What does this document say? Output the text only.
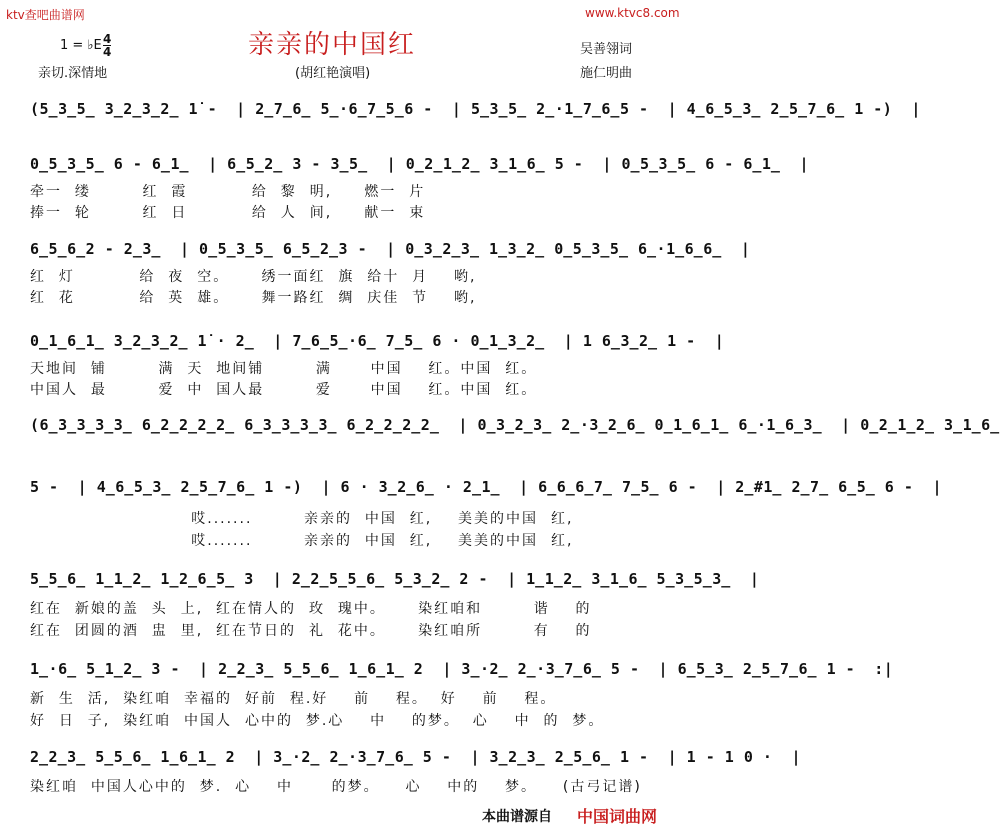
ktv查吧曲谱网	www.ktvc8.com
1 = ♭E $\frac{4}{4}$
亲切.深情地
亲亲的中国红
(胡红艳演唱)
吴善翎词
施仁明曲
(5̲3̲5̲ 3̲2̲3̲2̲ 1̇ -  | 2̲7̲6̲ 5̲·6̲7̲5̲6 -  | 5̲3̲5̲ 2̲·1̲7̲6̲5 -  | 4̲6̲5̲3̲ 2̲5̲7̲6̲ 1 -)  |
0̲5̲3̲5̲ 6 - 6̲1̲  | 6̲5̲2̲ 3 - 3̲5̲  | 0̲2̲1̲2̲ 3̲1̲6̲ 5 -  | 0̲5̲3̲5̲ 6 - 6̲1̲  |
牵一  缕        红  霞          给  黎  明,     燃一  片
捧一  轮        红  日          给  人  间,     献一  束
6̲5̲6̲2 - 2̲3̲  | 0̲5̲3̲5̲ 6̲5̲2̲3 -  | 0̲3̲2̲3̲ 1̲3̲2̲ 0̲5̲3̲5̲ 6̲·1̲6̲6̲  |
红  灯          给  夜  空。     绣一面红  旗  给十  月    哟,
红  花          给  英  雄。     舞一路红  绸  庆佳  节    哟,
0̲1̲6̲1̲ 3̲2̲3̲2̲ 1̇ · 2̲  | 7̲6̲5̲·6̲ 7̲5̲ 6 · 0̲1̲3̲2̲  | 1 6̲3̲2̲ 1 -  |
天地间  铺        满  天  地间铺        满      中国    红。中国  红。
中国人  最        爱  中  国人最        爱      中国    红。中国  红。
(6̲3̲3̲3̲3̲ 6̲2̲2̲2̲2̲ 6̲3̲3̲3̲3̲ 6̲2̲2̲2̲2̲  | 0̲3̲2̲3̲ 2̲·3̲2̲6̲ 0̲1̲6̲1̲ 6̲·1̲6̲3̲  | 0̲2̲1̲2̲ 3̲1̲6̲
5 -  | 4̲6̲5̲3̲ 2̲5̲7̲6̲ 1 -)  | 6 · 3̲2̲6̲ · 2̲1̲  | 6̲6̲6̲7̲ 7̲5̲ 6 -  | 2̲#1̲ 2̲7̲ 6̲5̲ 6 -  |
哎.......        亲亲的  中国  红,    美美的中国  红,
哎.......        亲亲的  中国  红,    美美的中国  红,
5̲5̲6̲ 1̲1̲2̲ 1̲2̲6̲5̲ 3  | 2̲2̲5̲5̲6̲ 5̲3̲2̲ 2 -  | 1̲1̲2̲ 3̲1̲6̲ 5̲3̲5̲3̲  |
红在  新娘的盖  头  上,  红在情人的  玫  瑰中。     染红咱和        谐    的
红在  团圆的酒  盅  里,  红在节日的  礼  花中。     染红咱所        有    的
1̲·6̲ 5̲1̲2̲ 3 -  | 2̲2̲3̲ 5̲5̲6̲ 1̲6̲1̲ 2  | 3̲·2̲ 2̲·3̲7̲6̲ 5 -  | 6̲5̲3̲ 2̲5̲7̲6̲ 1 -  :|
新  生  活,  染红咱  幸福的  好前  程.好    前    程。  好    前    程。
好  日  子,  染红咱  中国人  心中的  梦.心    中    的梦。  心    中  的  梦。
2̲2̲3̲ 5̲5̲6̲ 1̲6̲1̲ 2  | 3̲·2̲ 2̲·3̲7̲6̲ 5 -  | 3̲2̲3̲ 2̲5̲6̲ 1 -  | 1 - 1 0 ·  |
染红咱  中国人心中的  梦.  心    中      的梦。    心    中的    梦。    (古弓记谱)
本曲谱源自 中国词曲网
